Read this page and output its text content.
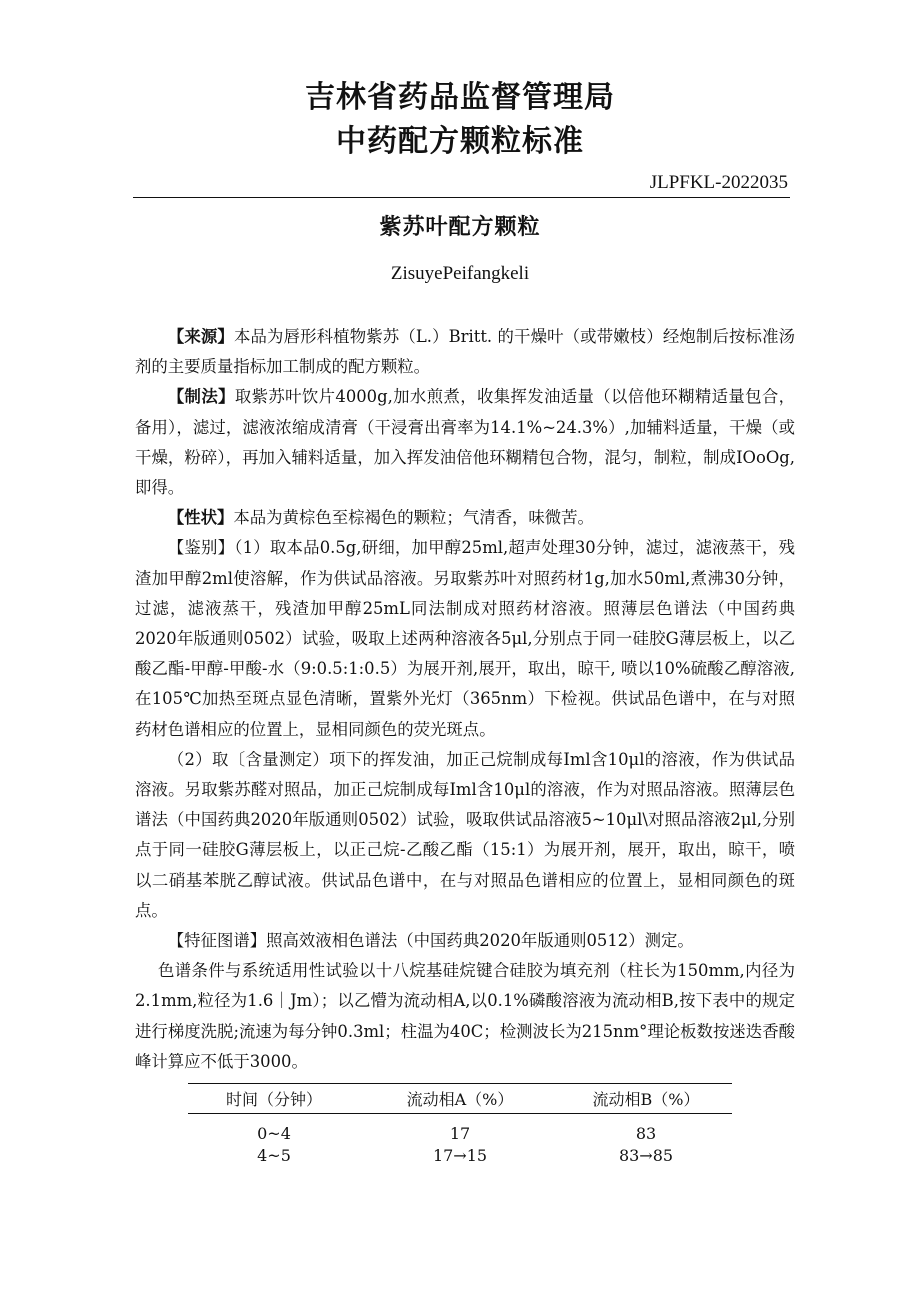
吉林省药品监督管理局
中药配方颗粒标准
JLPFKL-2022035
紫苏叶配方颗粒
ZisuyePeifangkeli

【来源】本品为唇形科植物紫苏（L.）Britt. 的干燥叶（或带嫩枝）经炮制后按标准汤剂的主要质量指标加工制成的配方颗粒。

【制法】取紫苏叶饮片4000g,加水煎煮，收集挥发油适量（以倍他环糊精适量包合，备用），滤过，滤液浓缩成清膏（干浸膏出膏率为14.1%~24.3%）,加辅料适量，干燥（或干燥，粉碎），再加入辅料适量，加入挥发油倍他环糊精包合物，混匀，制粒，制成IOoOg,即得。

【性状】本品为黄棕色至棕褐色的颗粒；气清香，味微苦。

【鉴别】（1）取本品0.5g,研细，加甲醇25ml,超声处理30分钟，滤过，滤液蒸干，残渣加甲醇2ml使溶解，作为供试品溶液。另取紫苏叶对照药材1g,加水50ml,煮沸30分钟，过滤，滤液蒸干，残渣加甲醇25mL同法制成对照药材溶液。照薄层色谱法（中国药典2020年版通则0502）试验，吸取上述两种溶液各5μl,分别点于同一硅胶G薄层板上，以乙酸乙酯-甲醇-甲酸-水（9:0.5:1:0.5）为展开剂,展开，取出，晾干, 喷以10%硫酸乙醇溶液, 在105℃加热至斑点显色清晰，置紫外光灯（365nm）下检视。供试品色谱中，在与对照药材色谱相应的位置上，显相同颜色的荧光斑点。

（2）取〔含量测定）项下的挥发油，加正己烷制成每Iml含10μl的溶液，作为供试品溶液。另取紫苏醛对照品，加正己烷制成每Iml含10μl的溶液，作为对照品溶液。照薄层色谱法（中国药典2020年版通则0502）试验，吸取供试品溶液5~10μl\对照品溶液2μl,分别点于同一硅胶G薄层板上，以正己烷-乙酸乙酯（15:1）为展开剂，展开，取出，晾干，喷以二硝基苯胱乙醇试液。供试品色谱中，在与对照品色谱相应的位置上，显相同颜色的斑点。

【特征图谱】照高效液相色谱法（中国药典2020年版通则0512）测定。

色谱条件与系统适用性试验以十八烷基硅烷键合硅胶为填充剂（柱长为150mm,内径为2.1mm,粒径为1.6｜Jm）；以乙懵为流动相A,以0.1%磷酸溶液为流动相B,按下表中的规定进行梯度洗脱;流速为每分钟0.3ml；柱温为40C；检测波长为215nm°理论板数按迷迭香酸峰计算应不低于3000。

时间（分钟）	流动相A（%）	流动相B（%）
0~4	17	83
4~5	17→15	83→85
